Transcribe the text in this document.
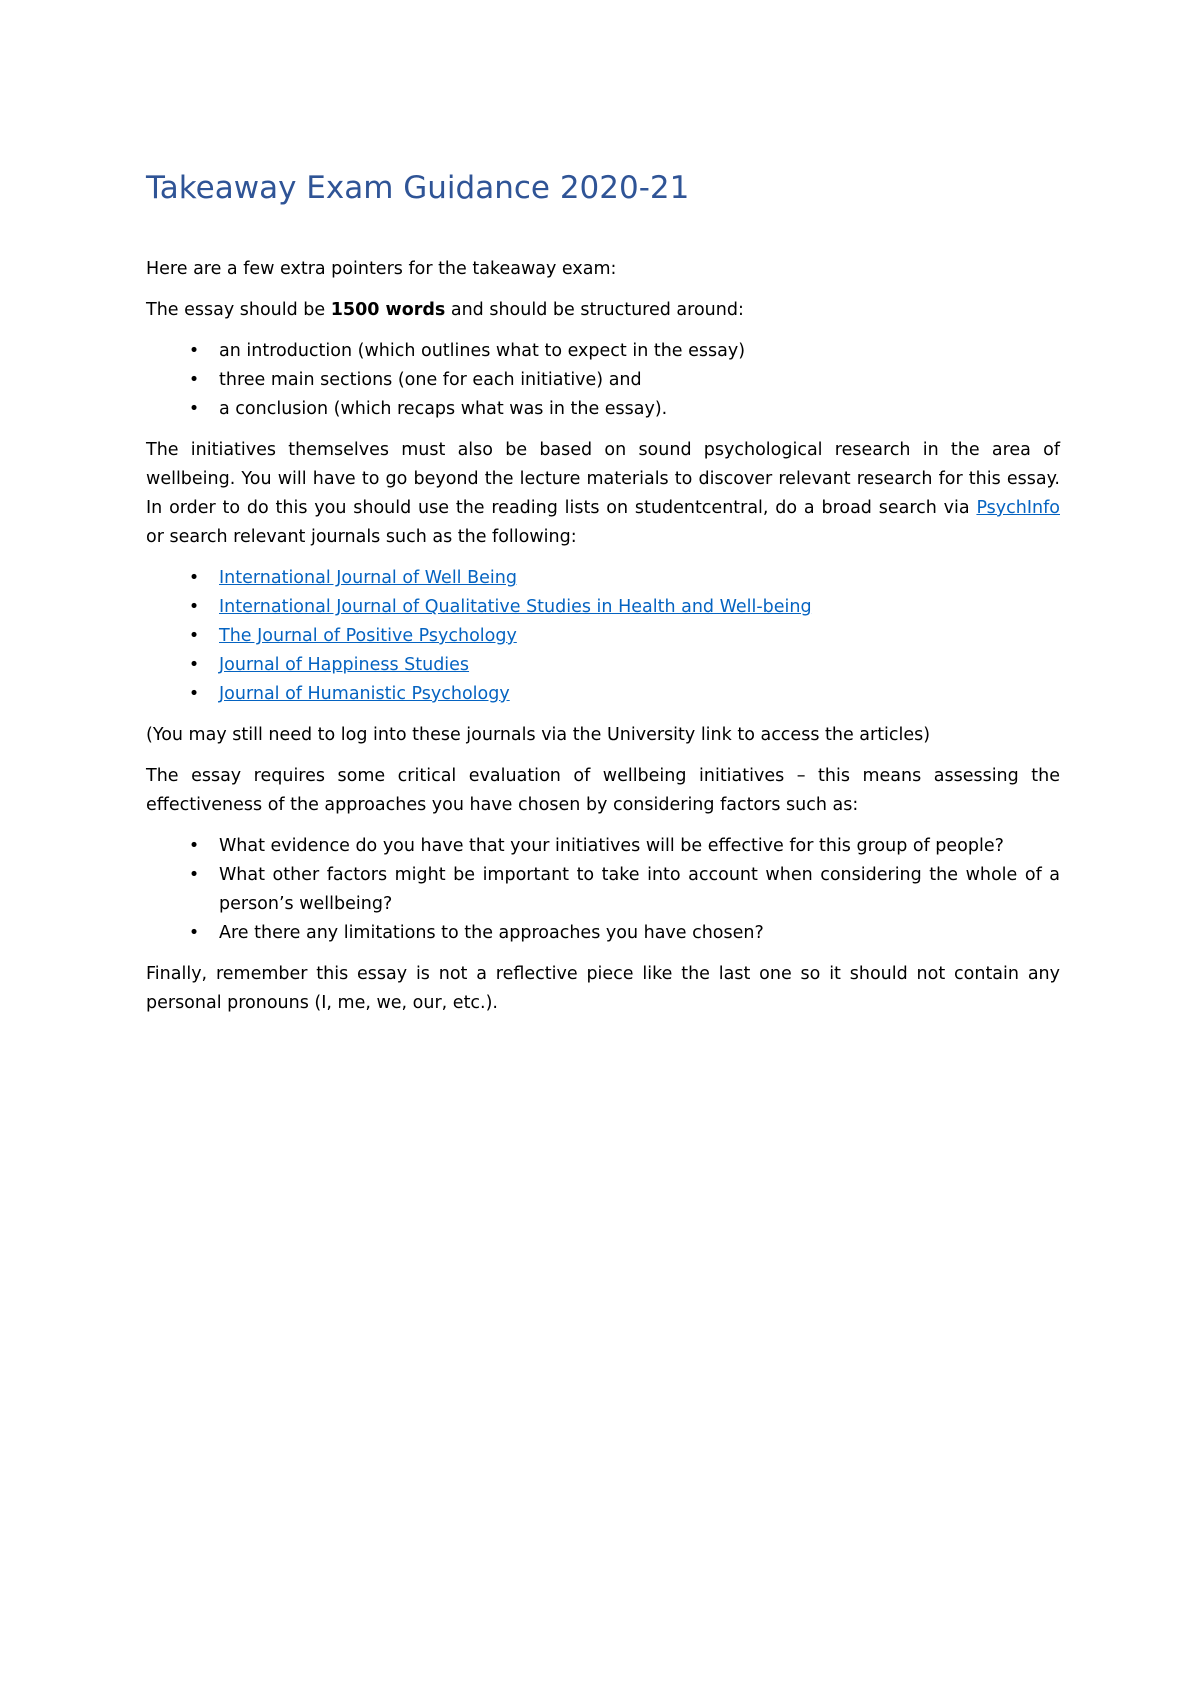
Takeaway Exam Guidance 2020-21

Here are a few extra pointers for the takeaway exam:

The essay should be 1500 words and should be structured around:

• an introduction (which outlines what to expect in the essay)
• three main sections (one for each initiative) and
• a conclusion (which recaps what was in the essay).

The initiatives themselves must also be based on sound psychological research in the area of wellbeing. You will have to go beyond the lecture materials to discover relevant research for this essay. In order to do this you should use the reading lists on studentcentral, do a broad search via PsychInfo or search relevant journals such as the following:

• International Journal of Well Being
• International Journal of Qualitative Studies in Health and Well-being
• The Journal of Positive Psychology
• Journal of Happiness Studies
• Journal of Humanistic Psychology

(You may still need to log into these journals via the University link to access the articles)

The essay requires some critical evaluation of wellbeing initiatives – this means assessing the effectiveness of the approaches you have chosen by considering factors such as:

• What evidence do you have that your initiatives will be effective for this group of people?
• What other factors might be important to take into account when considering the whole of a person’s wellbeing?
• Are there any limitations to the approaches you have chosen?

Finally, remember this essay is not a reflective piece like the last one so it should not contain any personal pronouns (I, me, we, our, etc.).
